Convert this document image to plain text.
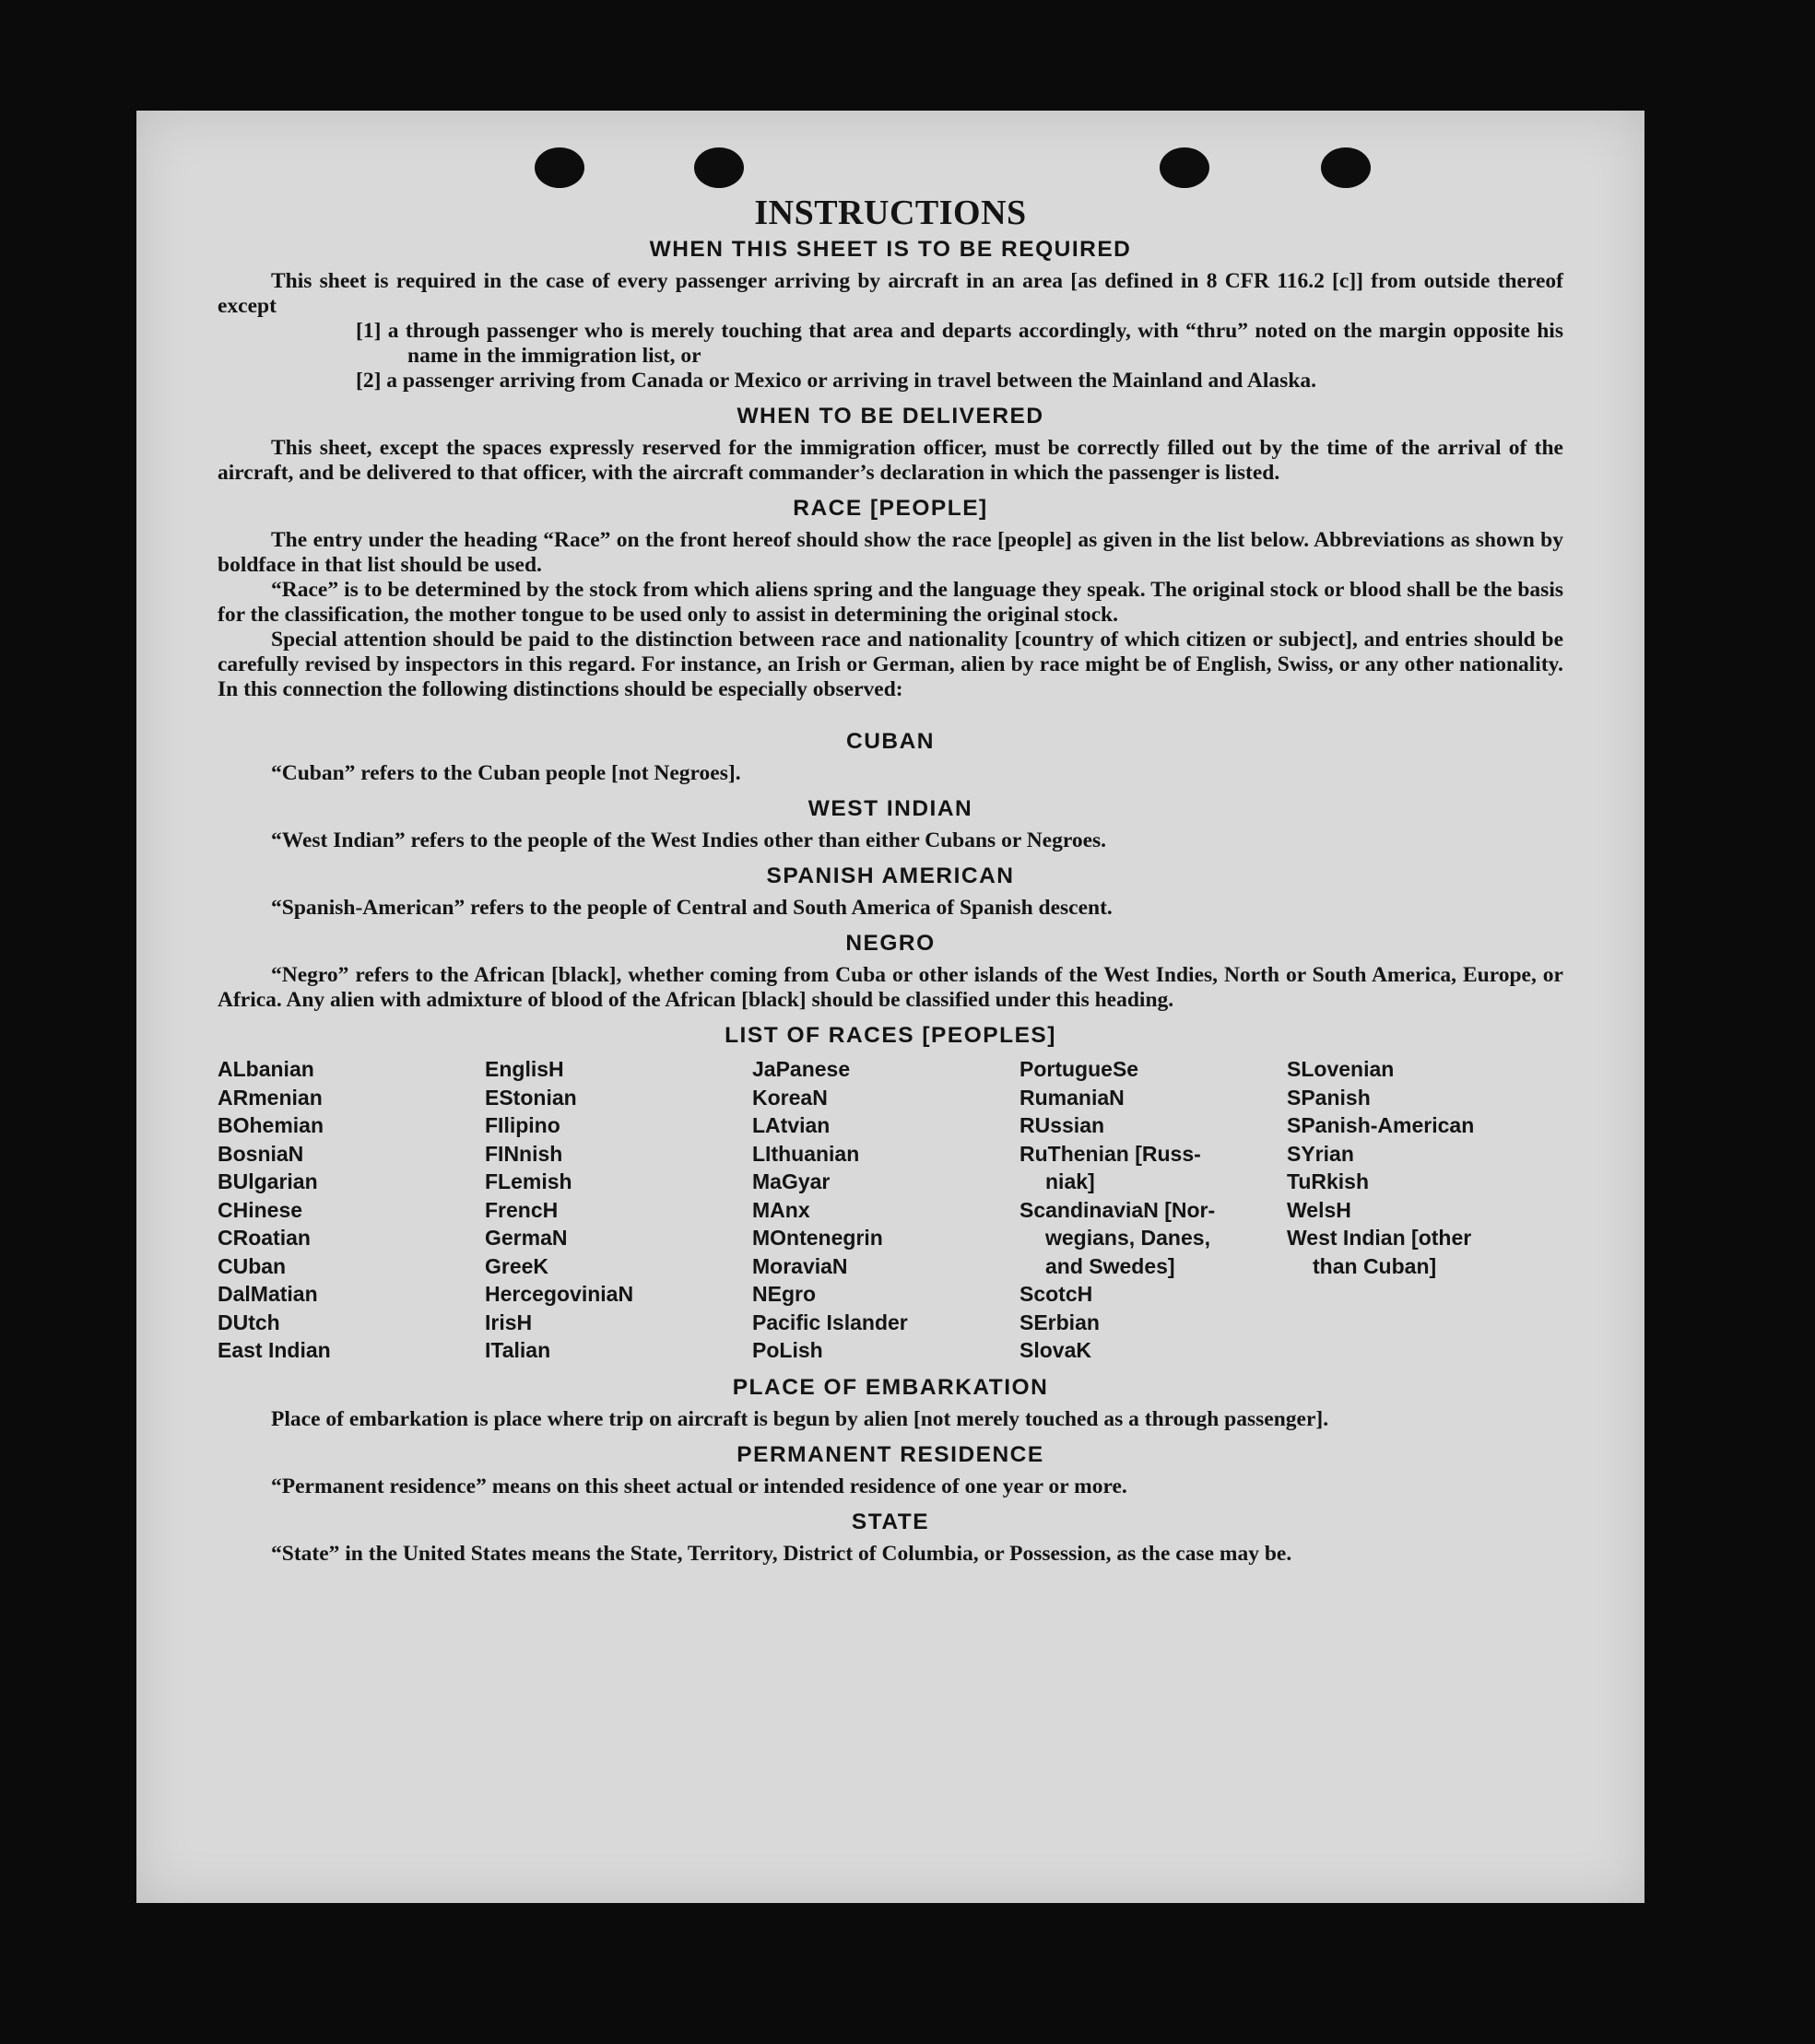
INSTRUCTIONS
WHEN THIS SHEET IS TO BE REQUIRED

This sheet is required in the case of every passenger arriving by aircraft in an area [as defined in 8 CFR 116.2 [c]] from outside thereof except

[1] a through passenger who is merely touching that area and departs accordingly, with “thru” noted on the margin opposite his name in the immigration list, or

[2] a passenger arriving from Canada or Mexico or arriving in travel between the Mainland and Alaska.

WHEN TO BE DELIVERED

This sheet, except the spaces expressly reserved for the immigration officer, must be correctly filled out by the time of the arrival of the aircraft, and be delivered to that officer, with the aircraft commander’s declaration in which the passenger is listed.

RACE [PEOPLE]

The entry under the heading “Race” on the front hereof should show the race [people] as given in the list below. Abbreviations as shown by boldface in that list should be used.

“Race” is to be determined by the stock from which aliens spring and the language they speak. The original stock or blood shall be the basis for the classification, the mother tongue to be used only to assist in determining the original stock.

Special attention should be paid to the distinction between race and nationality [country of which citizen or subject], and entries should be carefully revised by inspectors in this regard. For instance, an Irish or German, alien by race might be of English, Swiss, or any other nationality. In this connection the following distinctions should be especially observed:

CUBAN

“Cuban” refers to the Cuban people [not Negroes].

WEST INDIAN

“West Indian” refers to the people of the West Indies other than either Cubans or Negroes.

SPANISH AMERICAN

“Spanish-American” refers to the people of Central and South America of Spanish descent.

NEGRO

“Negro” refers to the African [black], whether coming from Cuba or other islands of the West Indies, North or South America, Europe, or Africa. Any alien with admixture of blood of the African [black] should be classified under this heading.

LIST OF RACES [PEOPLES]
ALbanian
ARmenian
BOhemian
BosniaN
BUlgarian
CHinese
CRoatian
CUban
DalMatian
DUtch
East Indian
EnglisH
EStonian
FIlipino
FINnish
FLemish
FrencH
GermaN
GreeK
HercegoviniaN
IrisH
ITalian
JaPanese
KoreaN
LAtvian
LIthuanian
MaGyar
MAnx
MOntenegrin
MoraviaN
NEgro
Pacific Islander
PoLish
PortugueSe
RumaniaN
RUssian
RuThenian [Russ-
niak]
ScandinaviaN [Nor-
wegians, Danes,
and Swedes]
ScotcH
SErbian
SlovaK
SLovenian
SPanish
SPanish-American
SYrian
TuRkish
WelsH
West Indian [other
than Cuban]
PLACE OF EMBARKATION

Place of embarkation is place where trip on aircraft is begun by alien [not merely touched as a through passenger].

PERMANENT RESIDENCE

“Permanent residence” means on this sheet actual or intended residence of one year or more.

STATE

“State” in the United States means the State, Territory, District of Columbia, or Possession, as the case may be.
